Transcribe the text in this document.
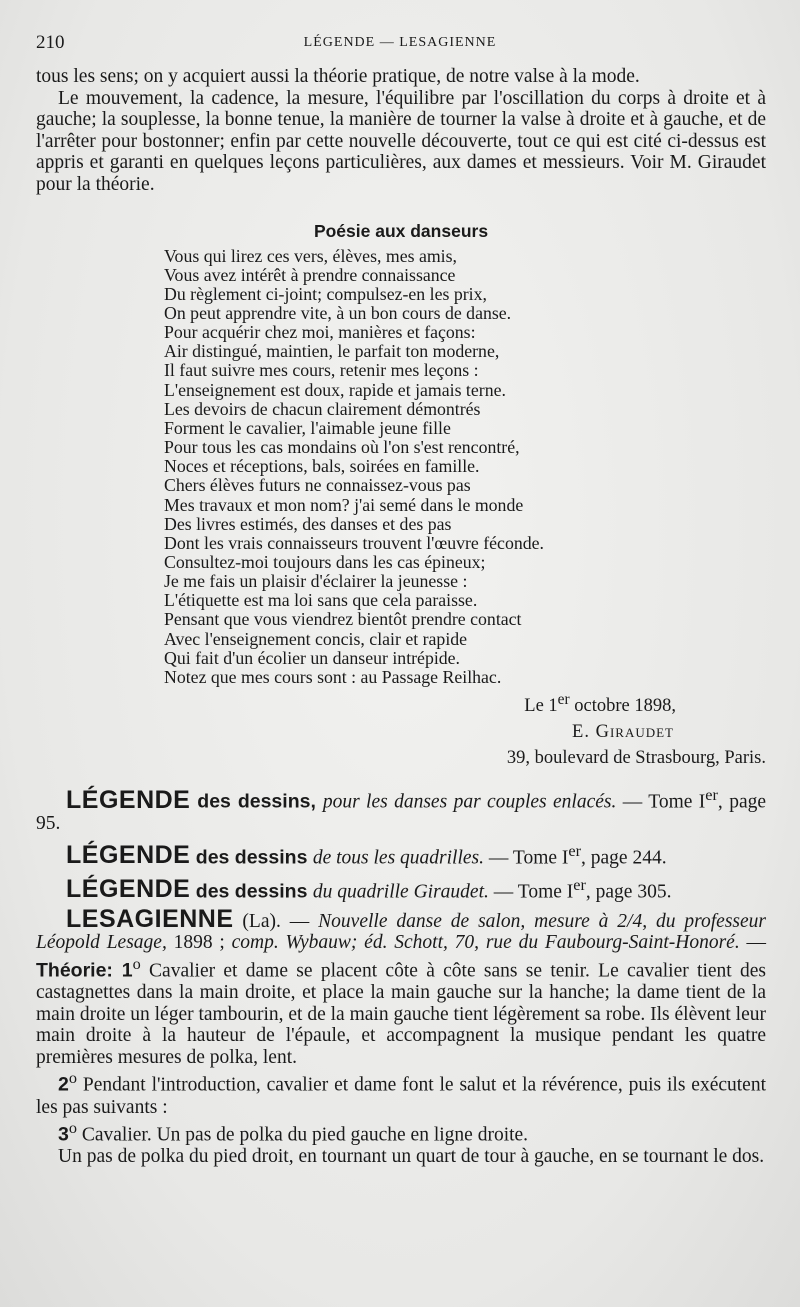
210	LÉGENDE — LESAGIENNE

tous les sens; on y acquiert aussi la théorie pratique, de notre valse à la mode.

Le mouvement, la cadence, la mesure, l'équilibre par l'oscillation du corps à droite et à gauche; la souplesse, la bonne tenue, la manière de tourner la valse à droite et à gauche, et de l'arrêter pour bostonner; enfin par cette nouvelle découverte, tout ce qui est cité ci-dessus est appris et garanti en quelques leçons particulières, aux dames et messieurs. Voir M. Giraudet pour la théorie.

Poésie aux danseurs
Vous qui lirez ces vers, élèves, mes amis,
Vous avez intérêt à prendre connaissance
Du règlement ci-joint; compulsez-en les prix,
On peut apprendre vite, à un bon cours de danse.
Pour acquérir chez moi, manières et façons:
Air distingué, maintien, le parfait ton moderne,
Il faut suivre mes cours, retenir mes leçons :
L'enseignement est doux, rapide et jamais terne.
Les devoirs de chacun clairement démontrés
Forment le cavalier, l'aimable jeune fille
Pour tous les cas mondains où l'on s'est rencontré,
Noces et réceptions, bals, soirées en famille.
Chers élèves futurs ne connaissez-vous pas
Mes travaux et mon nom? j'ai semé dans le monde
Des livres estimés, des danses et des pas
Dont les vrais connaisseurs trouvent l'œuvre féconde.
Consultez-moi toujours dans les cas épineux;
Je me fais un plaisir d'éclairer la jeunesse :
L'étiquette est ma loi sans que cela paraisse.
Pensant que vous viendrez bientôt prendre contact
Avec l'enseignement concis, clair et rapide
Qui fait d'un écolier un danseur intrépide.
Notez que mes cours sont : au Passage Reilhac.
Le 1er octobre 1898,
E. Giraudet
39, boulevard de Strasbourg, Paris.

LÉGENDE des dessins, pour les danses par couples enlacés. — Tome Ier, page 95.

LÉGENDE des dessins de tous les quadrilles. — Tome Ier, page 244.

LÉGENDE des dessins du quadrille Giraudet. — Tome Ier, page 305.

LESAGIENNE (La). — Nouvelle danse de salon, mesure à 2/4, du professeur Léopold Lesage, 1898 ; comp. Wybauw; éd. Schott, 70, rue du Faubourg-Saint-Honoré. — Théorie: 1$^o$ Cavalier et dame se placent côte à côte sans se tenir. Le cavalier tient des castagnettes dans la main droite, et place la main gauche sur la hanche; la dame tient de la main droite un léger tambourin, et de la main gauche tient légèrement sa robe. Ils élèvent leur main droite à la hauteur de l'épaule, et accompagnent la musique pendant les quatre premières mesures de polka, lent.

2$^o$ Pendant l'introduction, cavalier et dame font le salut et la révérence, puis ils exécutent les pas suivants :

3$^o$ Cavalier. Un pas de polka du pied gauche en ligne droite.

Un pas de polka du pied droit, en tournant un quart de tour à gauche, en se tournant le dos.
